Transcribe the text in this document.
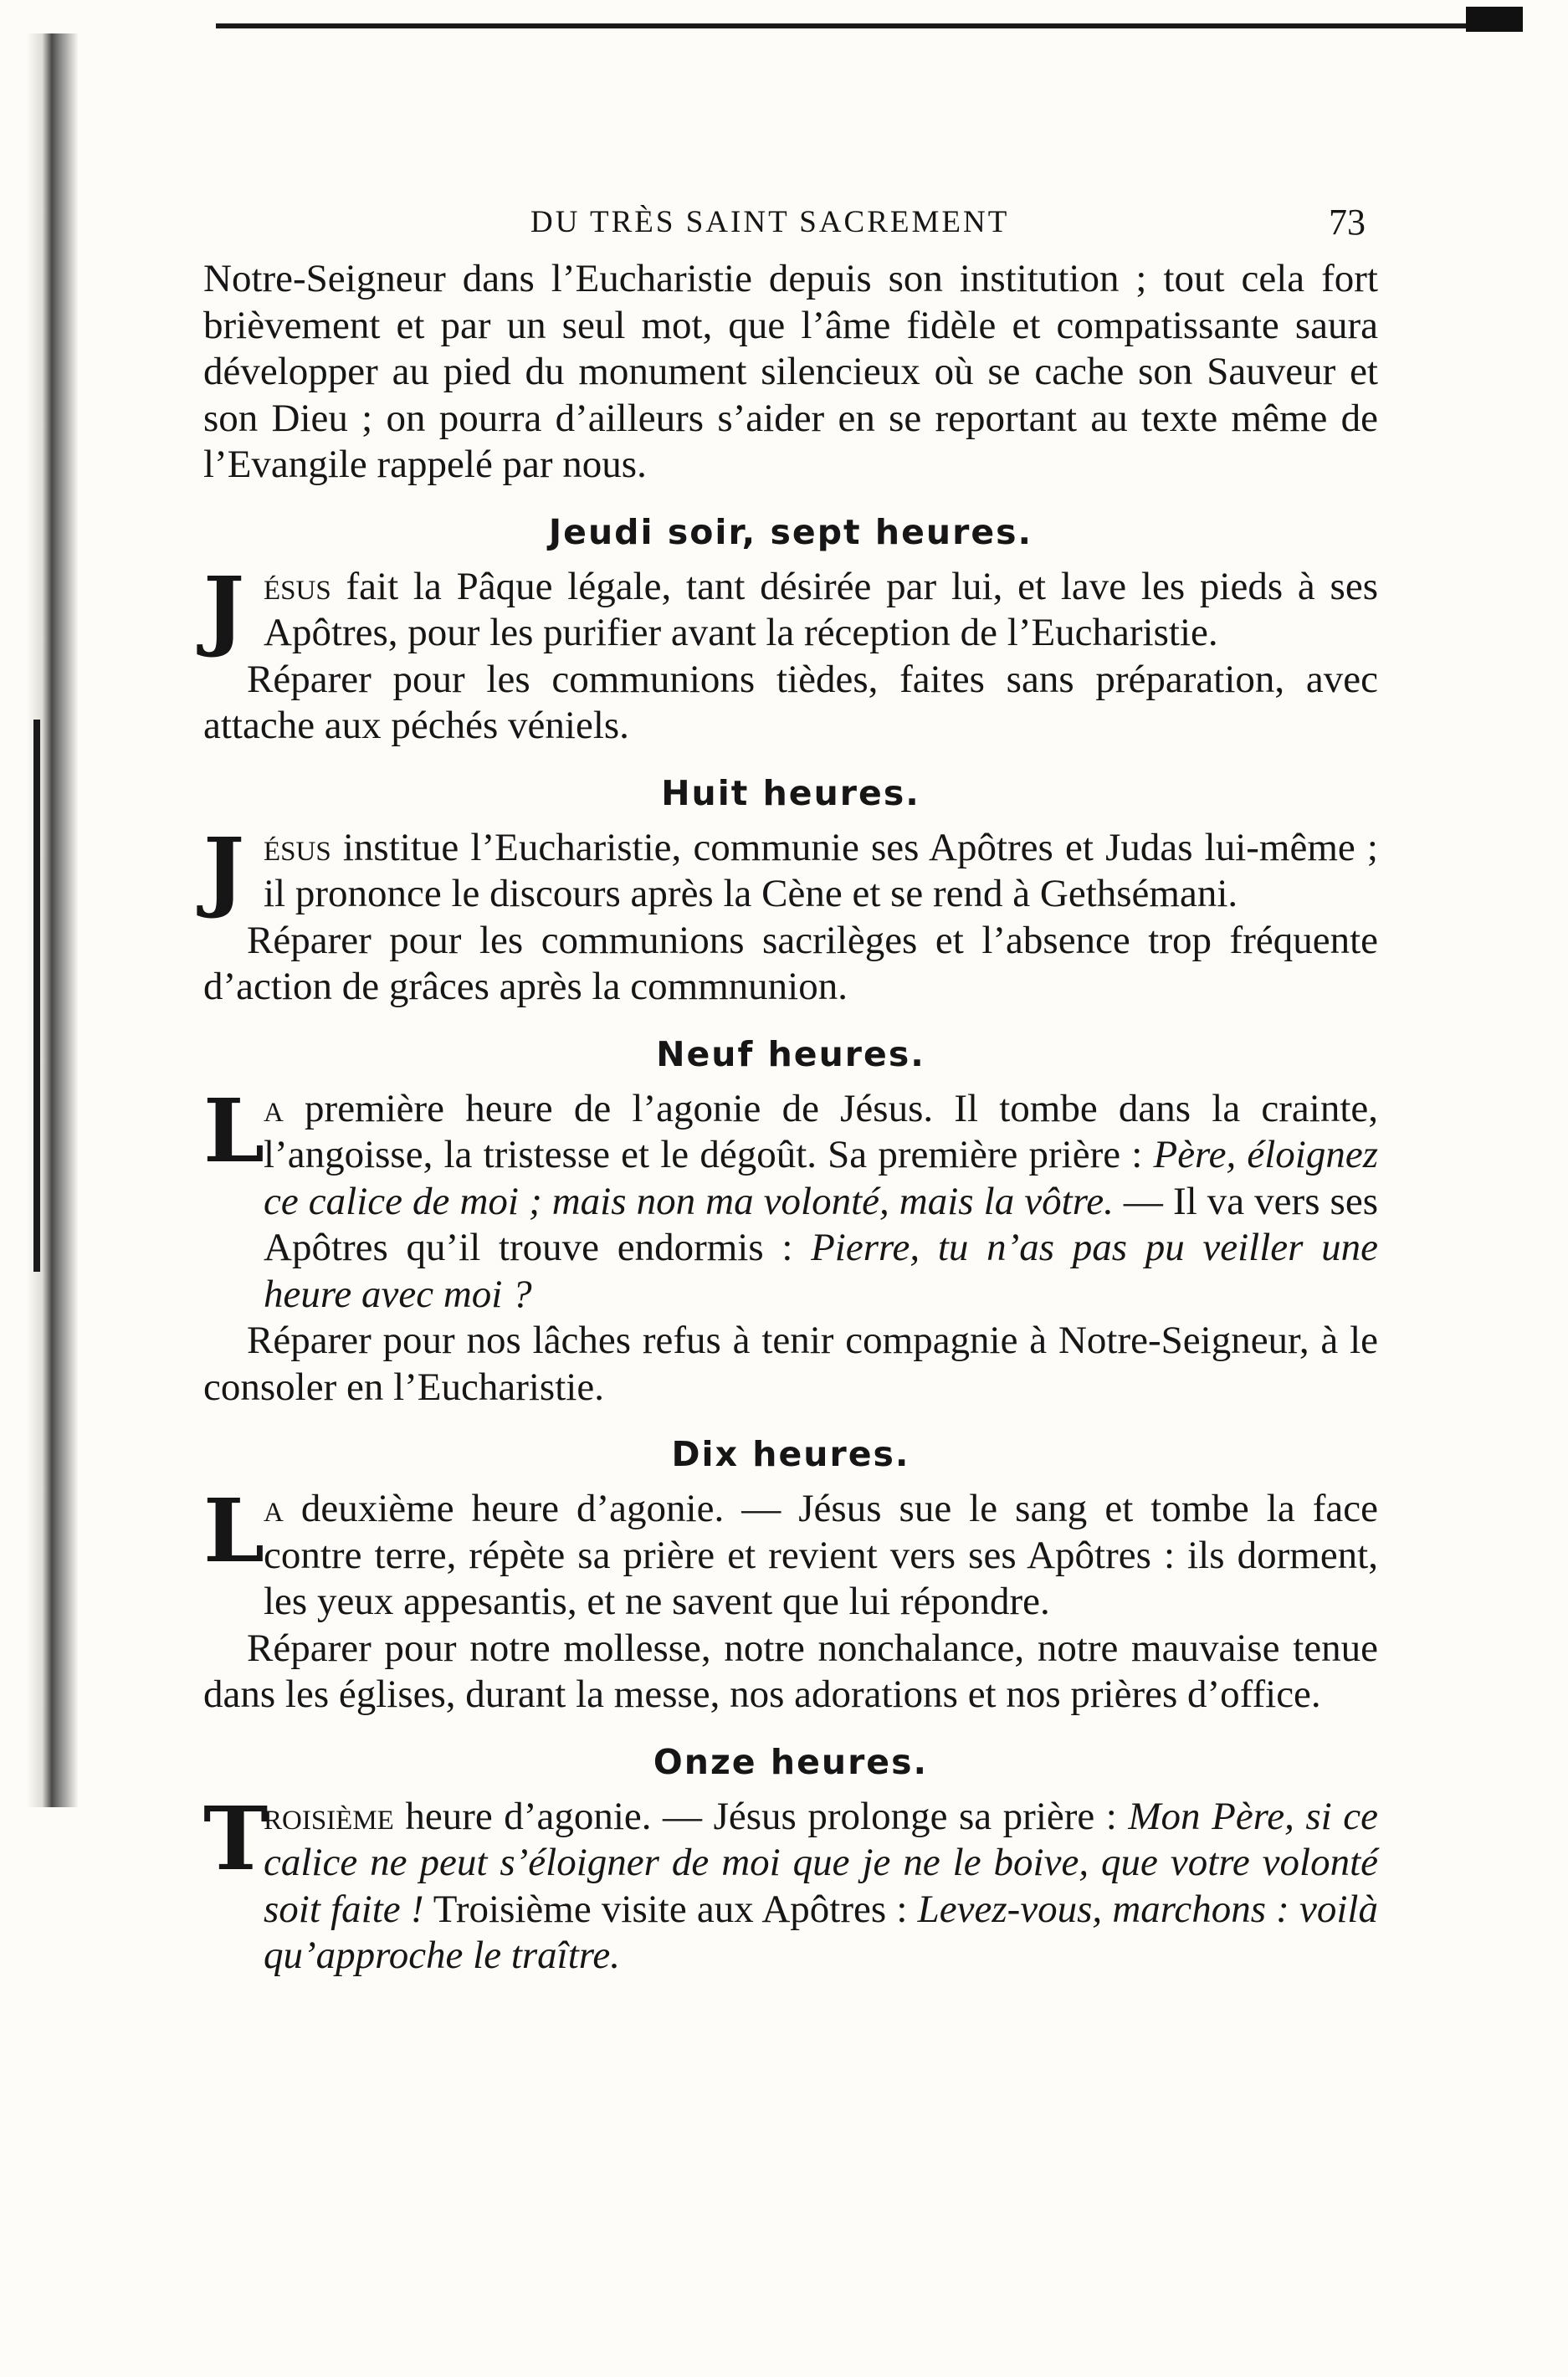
DU TRÈS SAINT SACREMENT	73

Notre-Seigneur dans l’Eucharistie depuis son institution ; tout cela fort brièvement et par un seul mot, que l’âme fidèle et compatissante saura développer au pied du monument silencieux où se cache son Sauveur et son Dieu ; on pourra d’ailleurs s’aider en se reportant au texte même de l’Evangile rappelé par nous.

Jeudi soir, sept heures.

J ésus fait la Pâque légale, tant désirée par lui, et lave les pieds à ses Apôtres, pour les purifier avant la réception de l’Eucharistie.

Réparer pour les communions tièdes, faites sans préparation, avec attache aux péchés véniels.

Huit heures.

J ésus institue l’Eucharistie, communie ses Apôtres et Judas lui-même ; il prononce le discours après la Cène et se rend à Gethsémani.

Réparer pour les communions sacrilèges et l’absence trop fréquente d’action de grâces après la commnunion.

Neuf heures.

L
a première heure de l’agonie de Jésus. Il tombe dans la crainte, l’angoisse, la tristesse et le dégoût. Sa première prière : Père, éloignez ce calice de moi ; mais non ma volonté, mais la vôtre. — Il va vers ses Apôtres qu’il trouve endormis : Pierre, tu n’as pas pu veiller une heure avec moi ?

Réparer pour nos lâches refus à tenir compagnie à Notre-Seigneur, à le consoler en l’Eucharistie.

Dix heures.

L
a deuxième heure d’agonie. — Jésus sue le sang et tombe la face contre terre, répète sa prière et revient vers ses Apôtres : ils dorment, les yeux appesantis, et ne savent que lui répondre.

Réparer pour notre mollesse, notre nonchalance, notre mauvaise tenue dans les églises, durant la messe, nos adorations et nos prières d’office.

Onze heures.

T
roisième heure d’agonie. — Jésus prolonge sa prière : Mon Père, si ce calice ne peut s’éloigner de moi que je ne le boive, que votre volonté soit faite ! Troisième visite aux Apôtres : Levez-vous, marchons : voilà qu’approche le traître.
